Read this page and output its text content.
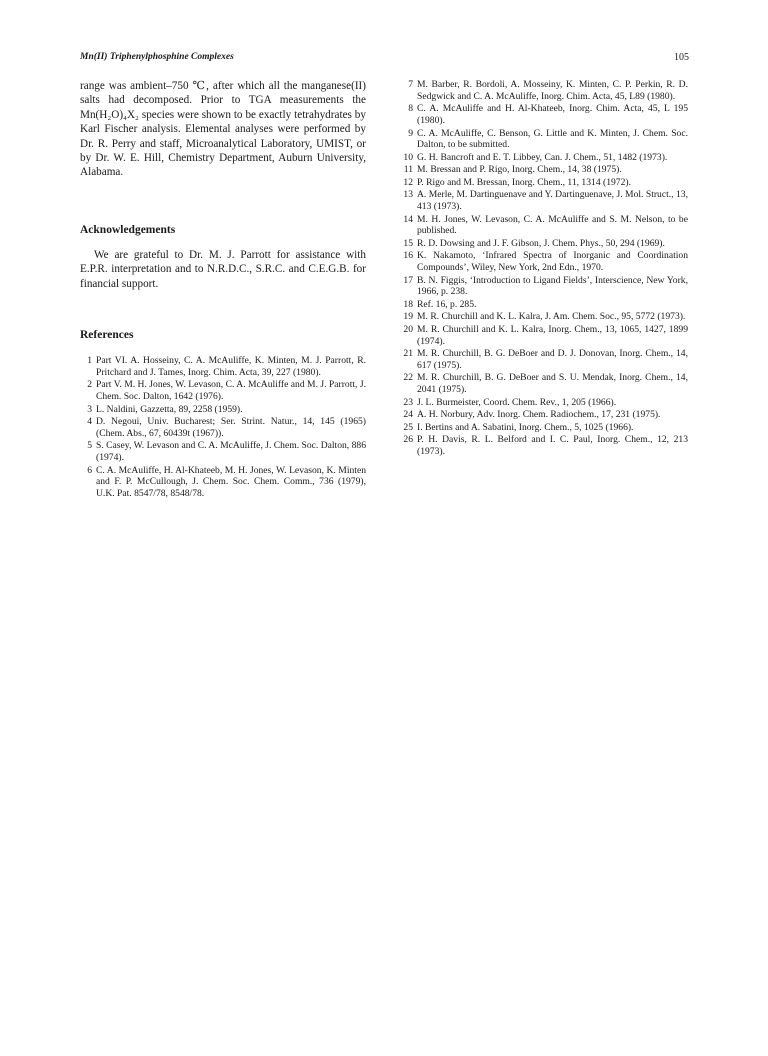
Mn(II) Triphenylphosphine Complexes	105

range was ambient–750 ℃, after which all the manganese(II) salts had decomposed. Prior to TGA measurements the Mn(H₂O)₄X₂ species were shown to be exactly tetrahydrates by Karl Fischer analysis. Elemental analyses were performed by Dr. R. Perry and staff, Microanalytical Laboratory, UMIST, or by Dr. W. E. Hill, Chemistry Department, Auburn University, Alabama.

Acknowledgements

We are grateful to Dr. M. J. Parrott for assistance with E.P.R. interpretation and to N.R.D.C., S.R.C. and C.E.G.B. for financial support.

References
1 Part VI. A. Hosseiny, C. A. McAuliffe, K. Minten, M. J. Parrott, R. Pritchard and J. Tames, Inorg. Chim. Acta, 39, 227 (1980).
2 Part V. M. H. Jones, W. Levason, C. A. McAuliffe and M. J. Parrott, J. Chem. Soc. Dalton, 1642 (1976).
3 L. Naldini, Gazzetta, 89, 2258 (1959).
4 D. Negoui, Univ. Bucharest; Ser. Strint. Natur., 14, 145 (1965) (Chem. Abs., 67, 60439t (1967)).
5 S. Casey, W. Levason and C. A. McAuliffe, J. Chem. Soc. Dalton, 886 (1974).
6 C. A. McAuliffe, H. Al-Khateeb, M. H. Jones, W. Levason, K. Minten and F. P. McCullough, J. Chem. Soc. Chem. Comm., 736 (1979), U.K. Pat. 8547/78, 8548/78.
7 M. Barber, R. Bordoli, A. Mosseiny, K. Minten, C. P. Perkin, R. D. Sedgwick and C. A. McAuliffe, Inorg. Chim. Acta, 45, L89 (1980).
8 C. A. McAuliffe and H. Al-Khateeb, Inorg. Chim. Acta, 45, L 195 (1980).
9 C. A. McAuliffe, C. Benson, G. Little and K. Minten, J. Chem. Soc. Dalton, to be submitted.
10 G. H. Bancroft and E. T. Libbey, Can. J. Chem., 51, 1482 (1973).
11 M. Bressan and P. Rigo, Inorg. Chem., 14, 38 (1975).
12 P. Rigo and M. Bressan, Inorg. Chem., 11, 1314 (1972).
13 A. Merle, M. Dartinguenave and Y. Dartinguenave, J. Mol. Struct., 13, 413 (1973).
14 M. H. Jones, W. Levason, C. A. McAuliffe and S. M. Nelson, to be published.
15 R. D. Dowsing and J. F. Gibson, J. Chem. Phys., 50, 294 (1969).
16 K. Nakamoto, ‘Infrared Spectra of Inorganic and Coordination Compounds’, Wiley, New York, 2nd Edn., 1970.
17 B. N. Figgis, ‘Introduction to Ligand Fields’, Interscience, New York, 1966, p. 238.
18 Ref. 16, p. 285.
19 M. R. Churchill and K. L. Kalra, J. Am. Chem. Soc., 95, 5772 (1973).
20 M. R. Churchill and K. L. Kalra, Inorg. Chem., 13, 1065, 1427, 1899 (1974).
21 M. R. Churchill, B. G. DeBoer and D. J. Donovan, Inorg. Chem., 14, 617 (1975).
22 M. R. Churchill, B. G. DeBoer and S. U. Mendak, Inorg. Chem., 14, 2041 (1975).
23 J. L. Burmeister, Coord. Chem. Rev., 1, 205 (1966).
24 A. H. Norbury, Adv. Inorg. Chem. Radiochem., 17, 231 (1975).
25 I. Bertins and A. Sabatini, Inorg. Chem., 5, 1025 (1966).
26 P. H. Davis, R. L. Belford and I. C. Paul, Inorg. Chem., 12, 213 (1973).
